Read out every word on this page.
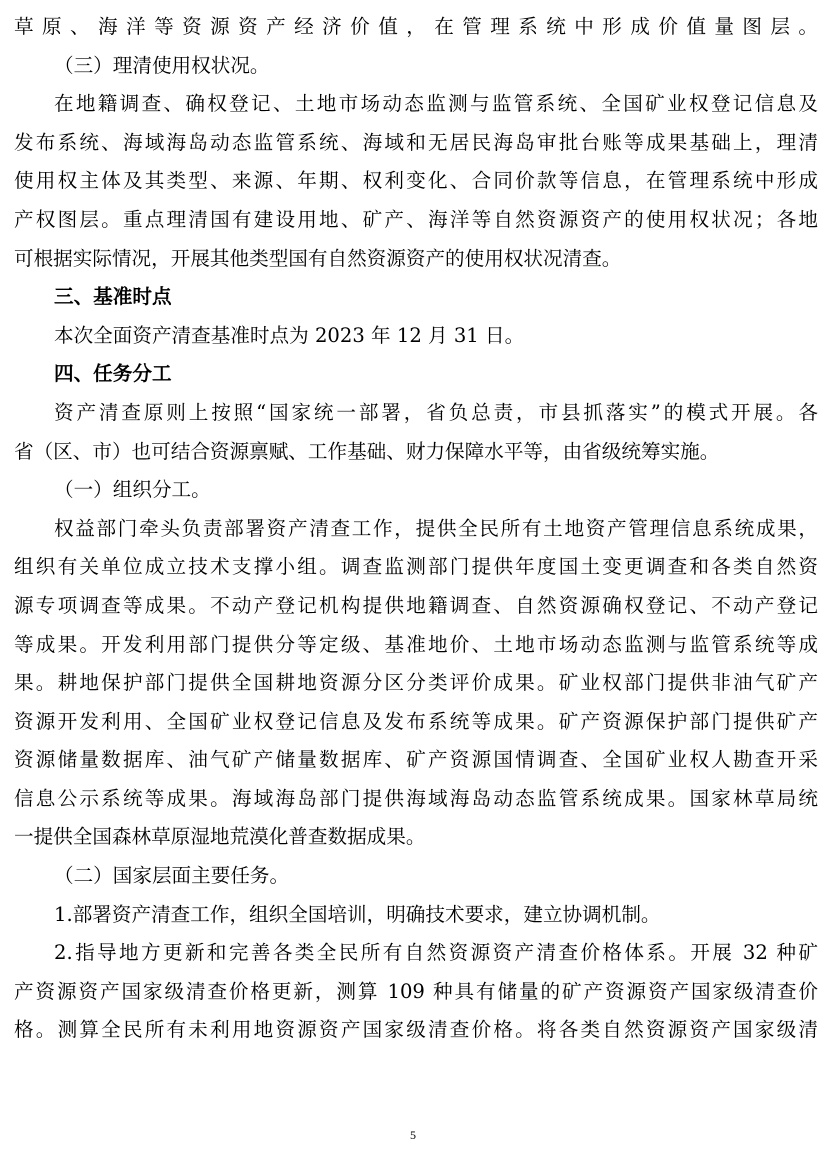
草原、海洋等资源资产经济价值，在管理系统中形成价值量图层。
（三）理清使用权状况。
在地籍调查、确权登记、土地市场动态监测与监管系统、全国矿业权登记信息及
发布系统、海域海岛动态监管系统、海域和无居民海岛审批台账等成果基础上，理清
使用权主体及其类型、来源、年期、权利变化、合同价款等信息，在管理系统中形成
产权图层。重点理清国有建设用地、矿产、海洋等自然资源资产的使用权状况；各地
可根据实际情况，开展其他类型国有自然资源资产的使用权状况清查。
三、基准时点
本次全面资产清查基准时点为 2023 年 12 月 31 日。
四、任务分工
资产清查原则上按照“国家统一部署，省负总责，市县抓落实”的模式开展。各
省（区、市）也可结合资源禀赋、工作基础、财力保障水平等，由省级统筹实施。
（一）组织分工。
权益部门牵头负责部署资产清查工作，提供全民所有土地资产管理信息系统成果，
组织有关单位成立技术支撑小组。调查监测部门提供年度国土变更调查和各类自然资
源专项调查等成果。不动产登记机构提供地籍调查、自然资源确权登记、不动产登记
等成果。开发利用部门提供分等定级、基准地价、土地市场动态监测与监管系统等成
果。耕地保护部门提供全国耕地资源分区分类评价成果。矿业权部门提供非油气矿产
资源开发利用、全国矿业权登记信息及发布系统等成果。矿产资源保护部门提供矿产
资源储量数据库、油气矿产储量数据库、矿产资源国情调查、全国矿业权人勘查开采
信息公示系统等成果。海域海岛部门提供海域海岛动态监管系统成果。国家林草局统
一提供全国森林草原湿地荒漠化普查数据成果。
（二）国家层面主要任务。
1.部署资产清查工作，组织全国培训，明确技术要求，建立协调机制。
2.指导地方更新和完善各类全民所有自然资源资产清查价格体系。开展 32 种矿
产资源资产国家级清查价格更新，测算 109 种具有储量的矿产资源资产国家级清查价
格。测算全民所有未利用地资源资产国家级清查价格。将各类自然资源资产国家级清
5
